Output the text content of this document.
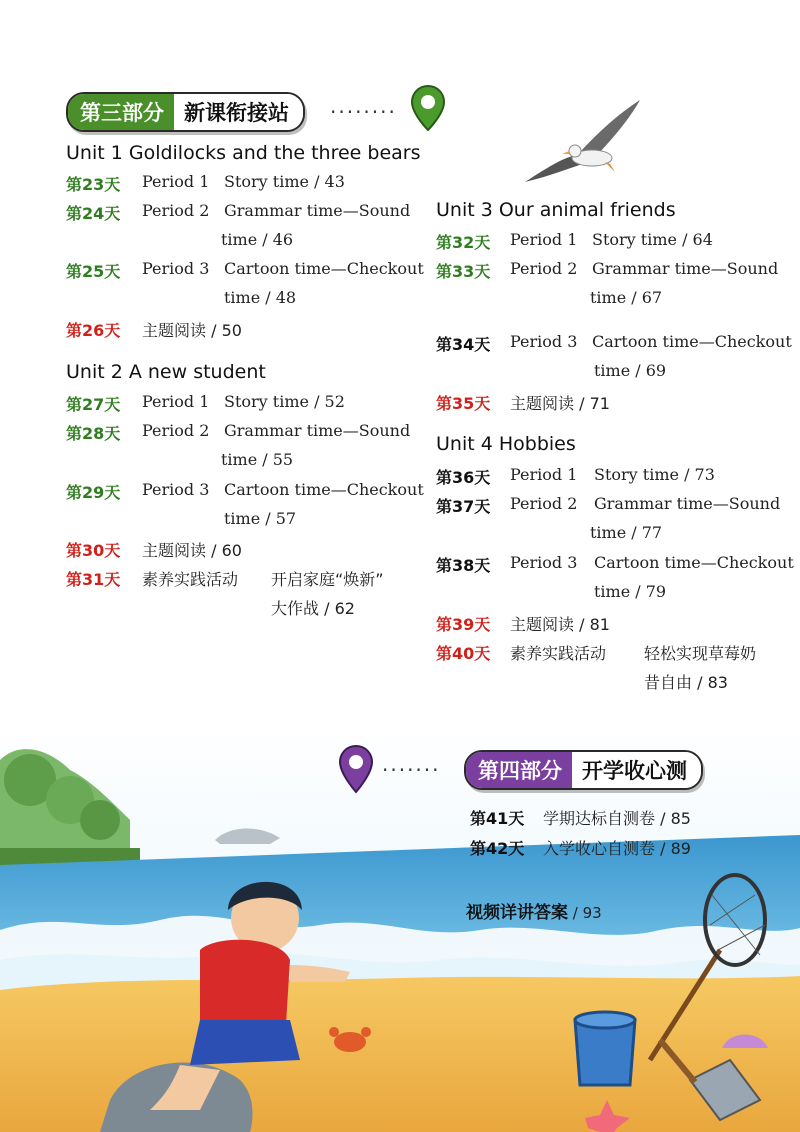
第三部分 新课衔接站	········
Unit 1 Goldilocks and the three bears
第23天 Period 1 Story time / 43
第24天 Period 2 Grammar time—Sound
time / 46
第25天 Period 3 Cartoon time—Checkout
time / 48
第26天 主题阅读 / 50
Unit 2 A new student
第27天 Period 1 Story time / 52
第28天 Period 2 Grammar time—Sound
time / 55
第29天 Period 3 Cartoon time—Checkout
time / 57
第30天 主题阅读 / 60
第31天 素养实践活动 开启家庭“焕新”
大作战 / 62
Unit 3 Our animal friends
第32天 Period 1 Story time / 64
第33天 Period 2 Grammar time—Sound
time / 67
第34天 Period 3 Cartoon time—Checkout
time / 69
第35天 主题阅读 / 71
Unit 4 Hobbies
第36天 Period 1 Story time / 73
第37天 Period 2 Grammar time—Sound
time / 77
第38天 Period 3 Cartoon time—Checkout
time / 79
第39天 主题阅读 / 81
第40天 素养实践活动 轻松实现草莓奶
昔自由 / 83
·······	第四部分 开学收心测
第41天 学期达标自测卷 / 85
第42天 入学收心自测卷 / 89
视频详讲答案 / 93
